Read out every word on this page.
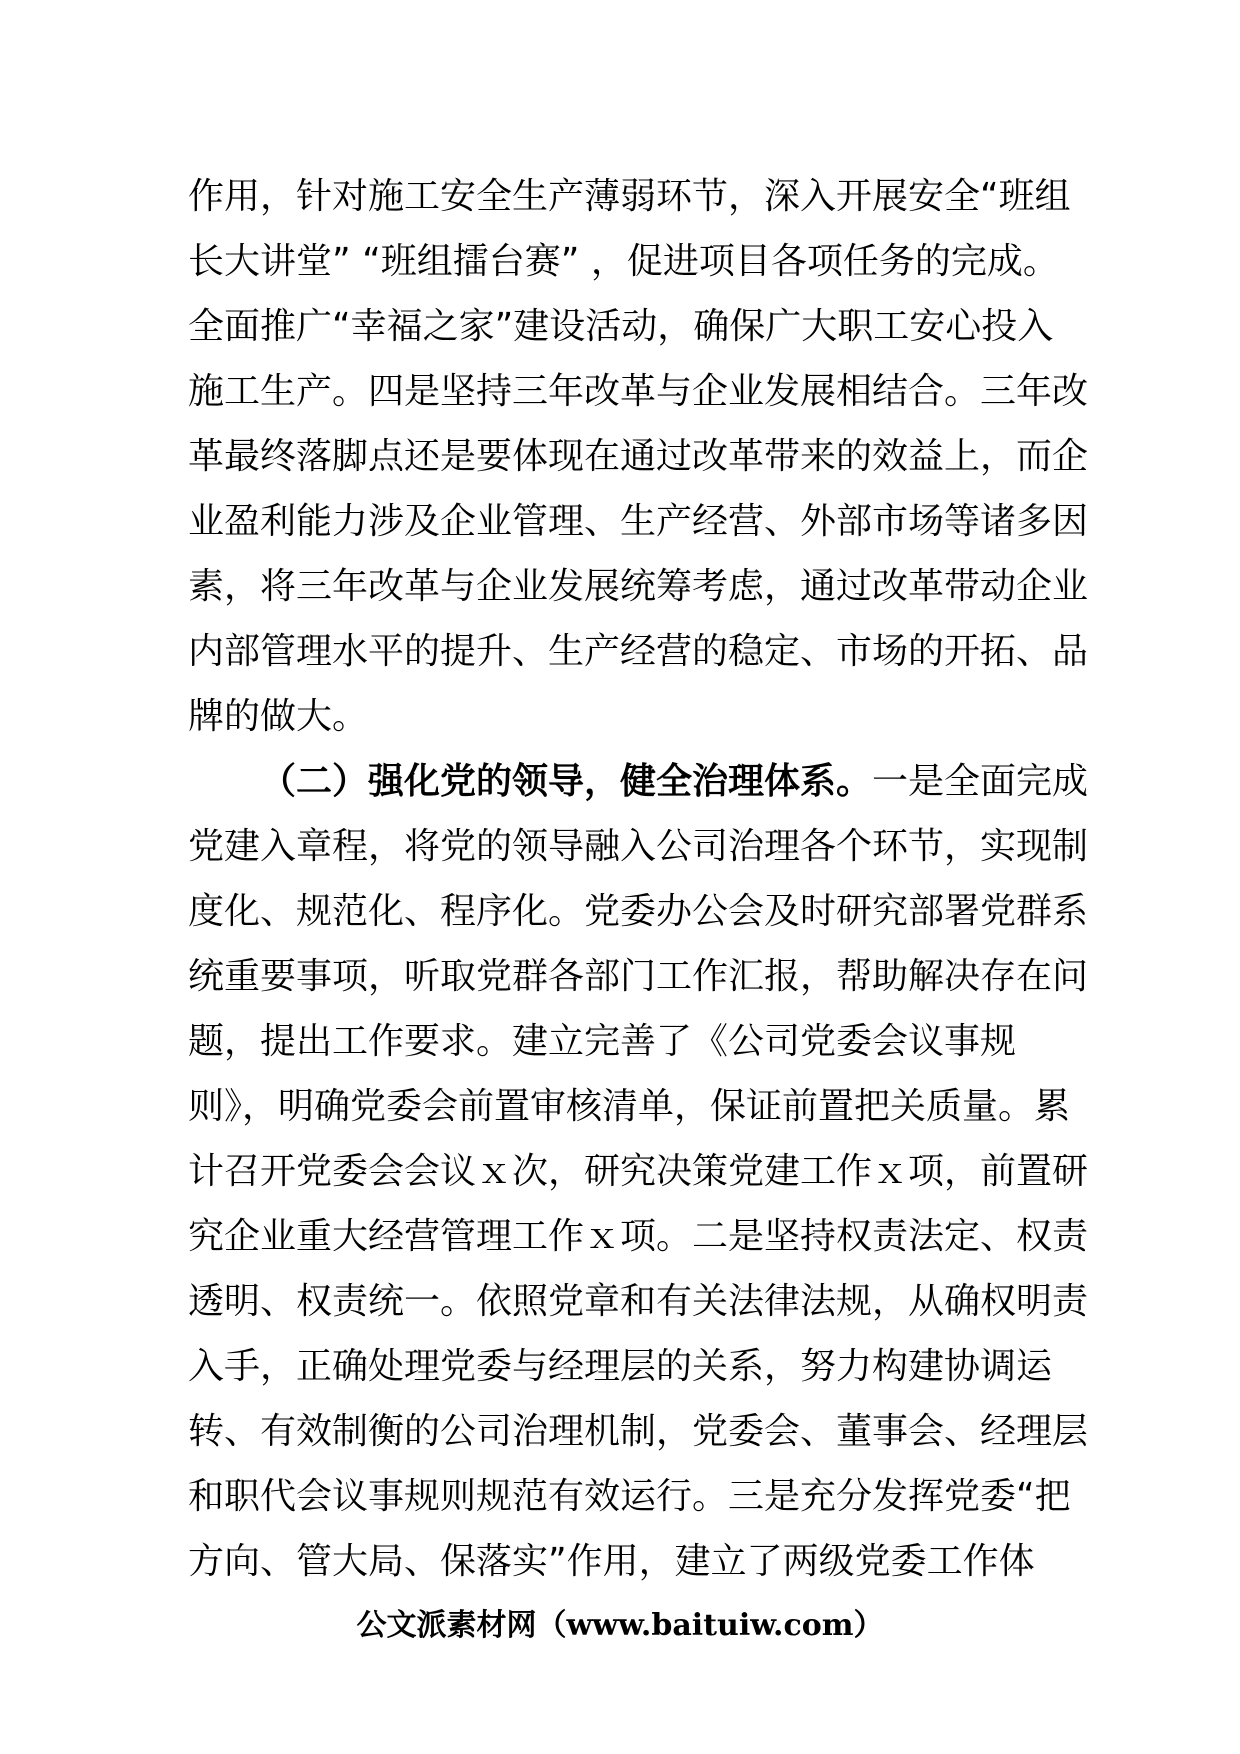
作用，针对施工安全生产薄弱环节，深入开展安全“班组
长大讲堂” “班组擂台赛” ，促进项目各项任务的完成。
全面推广“幸福之家”建设活动，确保广大职工安心投入
施工生产。四是坚持三年改革与企业发展相结合。三年改
革最终落脚点还是要体现在通过改革带来的效益上，而企
业盈利能力涉及企业管理、生产经营、外部市场等诸多因
素，将三年改革与企业发展统筹考虑，通过改革带动企业
内部管理水平的提升、生产经营的稳定、市场的开拓、品
牌的做大。
（二）强化党的领导，健全治理体系。一是全面完成
党建入章程，将党的领导融入公司治理各个环节，实现制
度化、规范化、程序化。党委办公会及时研究部署党群系
统重要事项，听取党群各部门工作汇报，帮助解决存在问
题，提出工作要求。建立完善了《公司党委会议事规
则》，明确党委会前置审核清单，保证前置把关质量。累
计召开党委会会议ｘ次，研究决策党建工作ｘ项，前置研
究企业重大经营管理工作ｘ项。二是坚持权责法定、权责
透明、权责统一。依照党章和有关法律法规，从确权明责
入手，正确处理党委与经理层的关系，努力构建协调运
转、有效制衡的公司治理机制，党委会、董事会、经理层
和职代会议事规则规范有效运行。三是充分发挥党委“把
方向、管大局、保落实”作用，建立了两级党委工作体
公文派素材网（www.baituiw.com）
